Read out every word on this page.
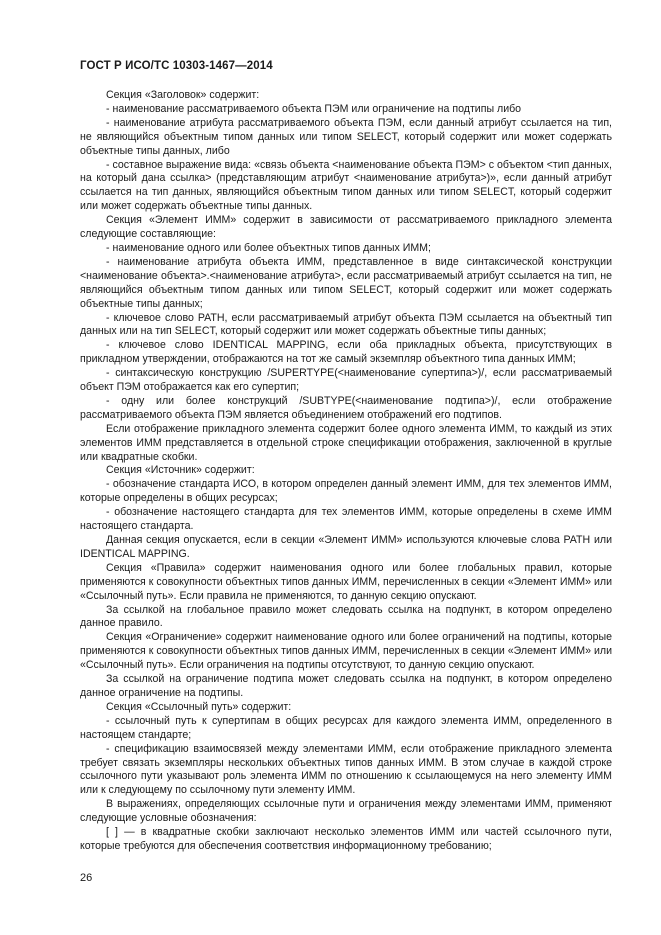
ГОСТ Р ИСО/ТС 10303-1467—2014

Секция «Заголовок» содержит:

- наименование рассматриваемого объекта ПЭМ или ограничение на подтипы либо

- наименование атрибута рассматриваемого объекта ПЭМ, если данный атрибут ссылается на тип, не являющийся объектным типом данных или типом SELECT, который содержит или может содержать объектные типы данных, либо

- составное выражение вида: «связь объекта <наименование объекта ПЭМ> с объектом <тип данных, на который дана ссылка> (представляющим атрибут <наименование атрибута>)», если данный атрибут ссылается на тип данных, являющийся объектным типом данных или типом SELECT, который содержит или может содержать объектные типы данных.

Секция «Элемент ИММ» содержит в зависимости от рассматриваемого прикладного элемента следующие составляющие:

- наименование одного или более объектных типов данных ИММ;

- наименование атрибута объекта ИММ, представленное в виде синтаксической конструкции <наименование объекта>.<наименование атрибута>, если рассматриваемый атрибут ссылается на тип, не являющийся объектным типом данных или типом SELECT, который содержит или может содержать объектные типы данных;

- ключевое слово PATH, если рассматриваемый атрибут объекта ПЭМ ссылается на объектный тип данных или на тип SELECT, который содержит или может содержать объектные типы данных;

- ключевое слово IDENTICAL MAPPING, если оба прикладных объекта, присутствующих в прикладном утверждении, отображаются на тот же самый экземпляр объектного типа данных ИММ;

- синтаксическую конструкцию /SUPERTYPE(<наименование супертипа>)/, если рассматриваемый объект ПЭМ отображается как его супертип;

- одну или более конструкций /SUBTYPE(<наименование подтипа>)/, если отображение рассматриваемого объекта ПЭМ является объединением отображений его подтипов.

Если отображение прикладного элемента содержит более одного элемента ИММ, то каждый из этих элементов ИММ представляется в отдельной строке спецификации отображения, заключенной в круглые или квадратные скобки.

Секция «Источник» содержит:

- обозначение стандарта ИСО, в котором определен данный элемент ИММ, для тех элементов ИММ, которые определены в общих ресурсах;

- обозначение настоящего стандарта для тех элементов ИММ, которые определены в схеме ИММ настоящего стандарта.

Данная секция опускается, если в секции «Элемент ИММ» используются ключевые слова PATH или IDENTICAL MAPPING.

Секция «Правила» содержит наименования одного или более глобальных правил, которые применяются к совокупности объектных типов данных ИММ, перечисленных в секции «Элемент ИММ» или «Ссылочный путь». Если правила не применяются, то данную секцию опускают.

За ссылкой на глобальное правило может следовать ссылка на подпункт, в котором определено данное правило.

Секция «Ограничение» содержит наименование одного или более ограничений на подтипы, которые применяются к совокупности объектных типов данных ИММ, перечисленных в секции «Элемент ИММ» или «Ссылочный путь». Если ограничения на подтипы отсутствуют, то данную секцию опускают.

За ссылкой на ограничение подтипа может следовать ссылка на подпункт, в котором определено данное ограничение на подтипы.

Секция «Ссылочный путь» содержит:

- ссылочный путь к супертипам в общих ресурсах для каждого элемента ИММ, определенного в настоящем стандарте;

- спецификацию взаимосвязей между элементами ИММ, если отображение прикладного элемента требует связать экземпляры нескольких объектных типов данных ИММ. В этом случае в каждой строке ссылочного пути указывают роль элемента ИММ по отношению к ссылающемуся на него элементу ИММ или к следующему по ссылочному пути элементу ИММ.

В выражениях, определяющих ссылочные пути и ограничения между элементами ИММ, применяют следующие условные обозначения:

[ ] — в квадратные скобки заключают несколько элементов ИММ или частей ссылочного пути, которые требуются для обеспечения соответствия информационному требованию;

26
